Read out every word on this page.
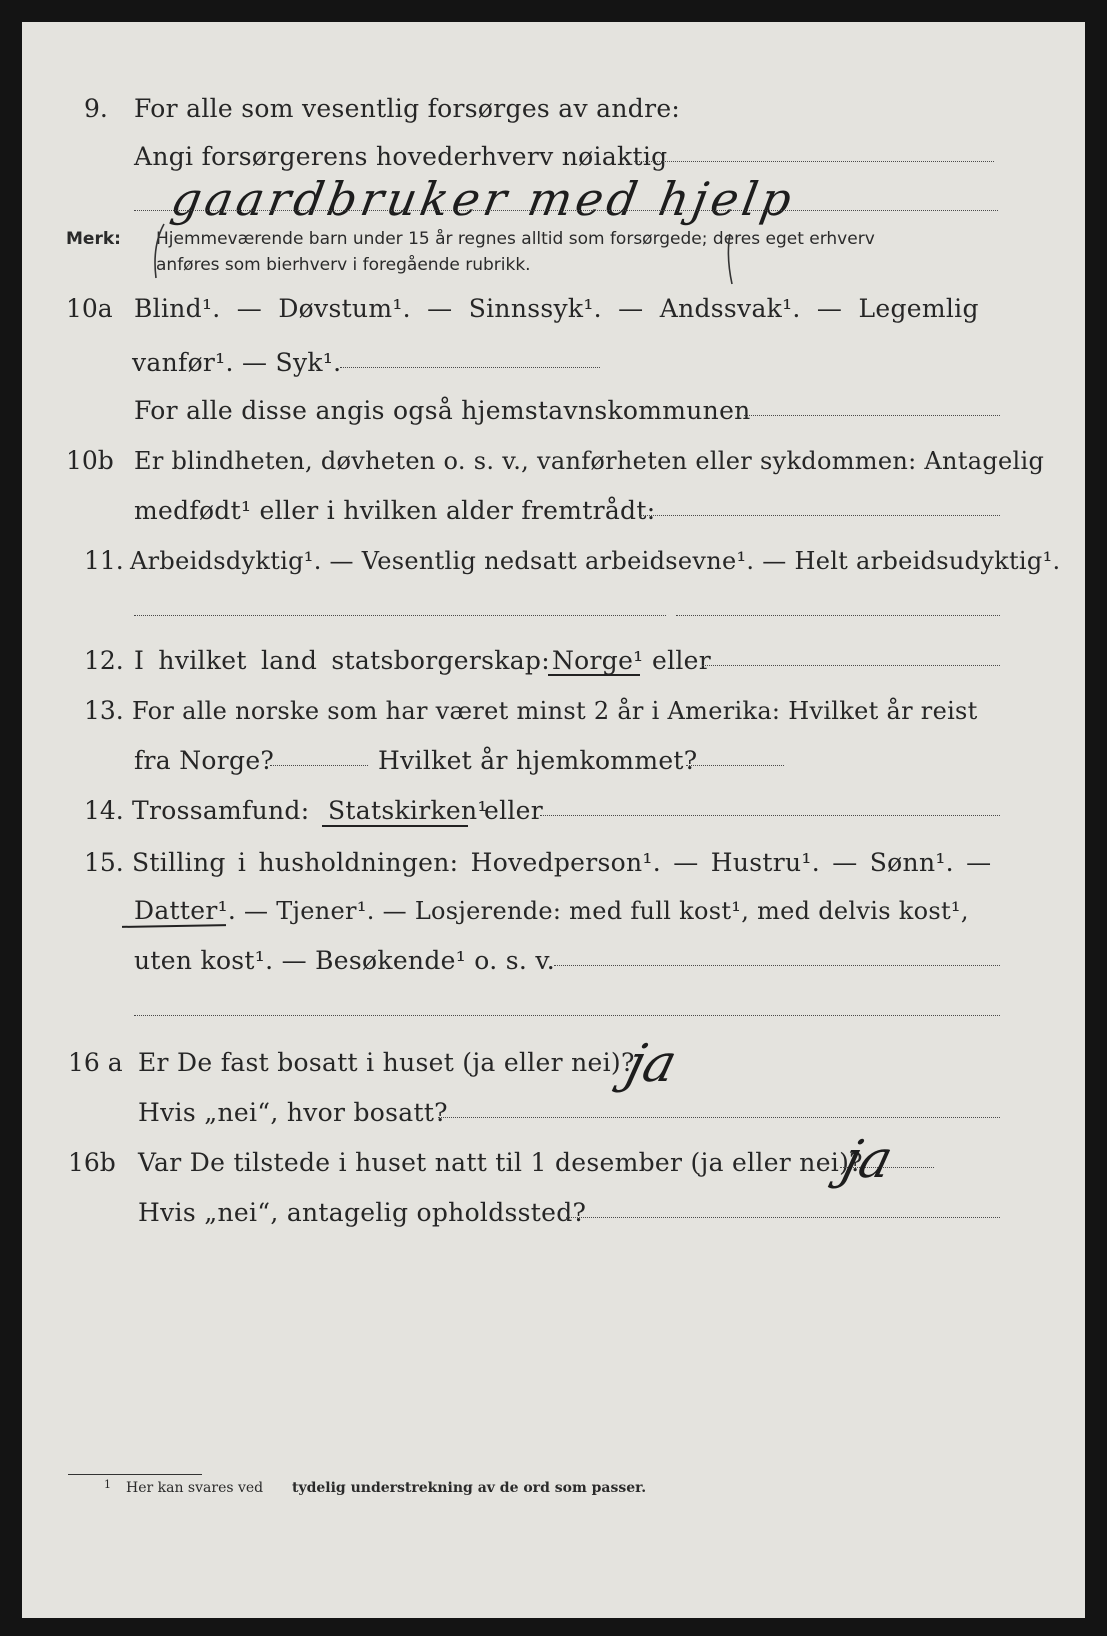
9. For alle som vesentlig forsørges av andre:
Angi forsørgerens hovederhverv nøiaktig
gaardbruker med hjelp
Merk: Hjemmeværende barn under 15 år regnes alltid som forsørgede; deres eget erhverv
anføres som bierhverv i foregående rubrikk.
10a Blind¹. — Døvstum¹. — Sinnssyk¹. — Andssvak¹. — Legemlig
vanfør¹. — Syk¹.
For alle disse angis også hjemstavnskommunen
10b Er blindheten, døvheten o. s. v., vanførheten eller sykdommen: Antagelig
medfødt¹ eller i hvilken alder fremtrådt:
11. Arbeidsdyktig¹. — Vesentlig nedsatt arbeidsevne¹. — Helt arbeidsudyktig¹.
12. I hvilket land statsborgerskap: Norge¹ eller
13. For alle norske som har været minst 2 år i Amerika: Hvilket år reist
fra Norge?	Hvilket år hjemkommet?
14. Trossamfund: Statskirken¹
eller
15. Stilling i husholdningen: Hovedperson¹. — Hustru¹. — Sønn¹. —
Datter¹. — Tjener¹. — Losjerende: med full kost¹, med delvis kost¹,
uten kost¹. — Besøkende¹ o. s. v.
16 a Er De fast bosatt i huset (ja eller nei)?
ja
Hvis „nei“, hvor bosatt?
16b Var De tilstede i huset natt til 1 desember (ja eller nei)?
ja
Hvis „nei“, antagelig opholdssted?
1 Her kan svares ved tydelig understrekning av de ord som passer.
